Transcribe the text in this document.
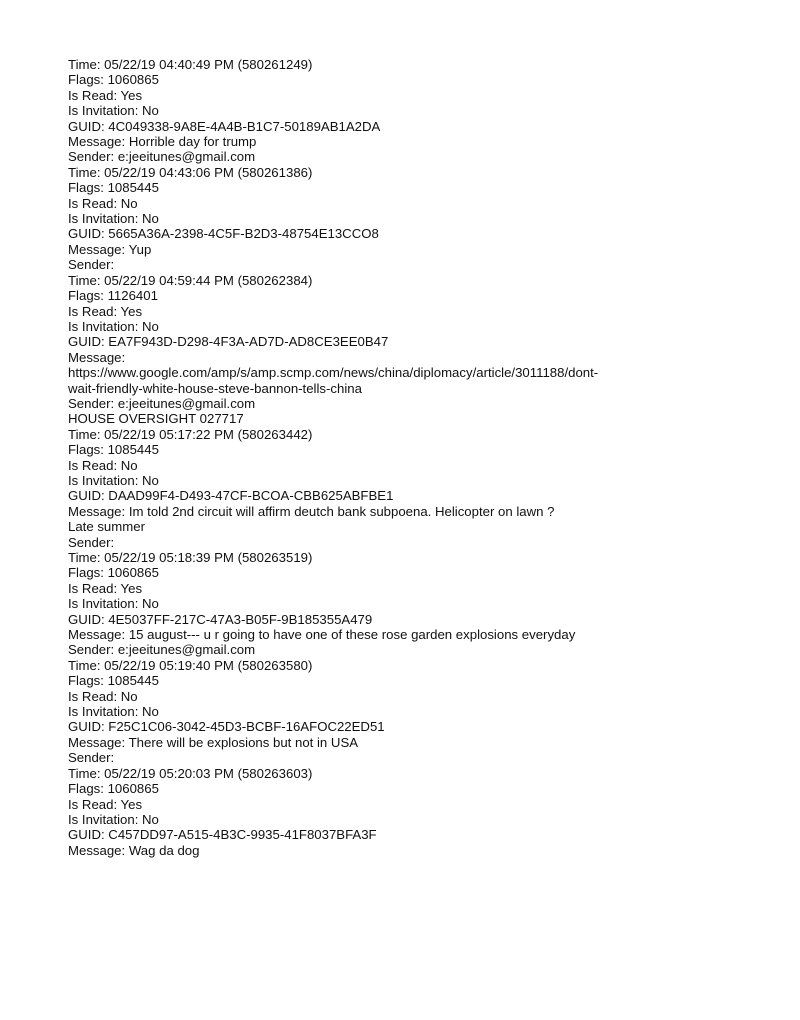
Time: 05/22/19 04:40:49 PM (580261249)
Flags: 1060865
Is Read: Yes
Is Invitation: No
GUID: 4C049338-9A8E-4A4B-B1C7-50189AB1A2DA
Message: Horrible day for trump
Sender: e:jeeitunes@gmail.com
Time: 05/22/19 04:43:06 PM (580261386)
Flags: 1085445
Is Read: No
Is Invitation: No
GUID: 5665A36A-2398-4C5F-B2D3-48754E13CCO8
Message: Yup
Sender:
Time: 05/22/19 04:59:44 PM (580262384)
Flags: 1126401
Is Read: Yes
Is Invitation: No
GUID: EA7F943D-D298-4F3A-AD7D-AD8CE3EE0B47
Message:
https://www.google.com/amp/s/amp.scmp.com/news/china/diplomacy/article/3011188/dont-
wait-friendly-white-house-steve-bannon-tells-china
Sender: e:jeeitunes@gmail.com
HOUSE OVERSIGHT 027717
Time: 05/22/19 05:17:22 PM (580263442)
Flags: 1085445
Is Read: No
Is Invitation: No
GUID: DAAD99F4-D493-47CF-BCOA-CBB625ABFBE1
Message: Im told 2nd circuit will affirm deutch bank subpoena. Helicopter on lawn ?
Late summer
Sender:
Time: 05/22/19 05:18:39 PM (580263519)
Flags: 1060865
Is Read: Yes
Is Invitation: No
GUID: 4E5037FF-217C-47A3-B05F-9B185355A479
Message: 15 august--- u r going to have one of these rose garden explosions everyday
Sender: e:jeeitunes@gmail.com
Time: 05/22/19 05:19:40 PM (580263580)
Flags: 1085445
Is Read: No
Is Invitation: No
GUID: F25C1C06-3042-45D3-BCBF-16AFOC22ED51
Message: There will be explosions but not in USA
Sender:
Time: 05/22/19 05:20:03 PM (580263603)
Flags: 1060865
Is Read: Yes
Is Invitation: No
GUID: C457DD97-A515-4B3C-9935-41F8037BFA3F
Message: Wag da dog
